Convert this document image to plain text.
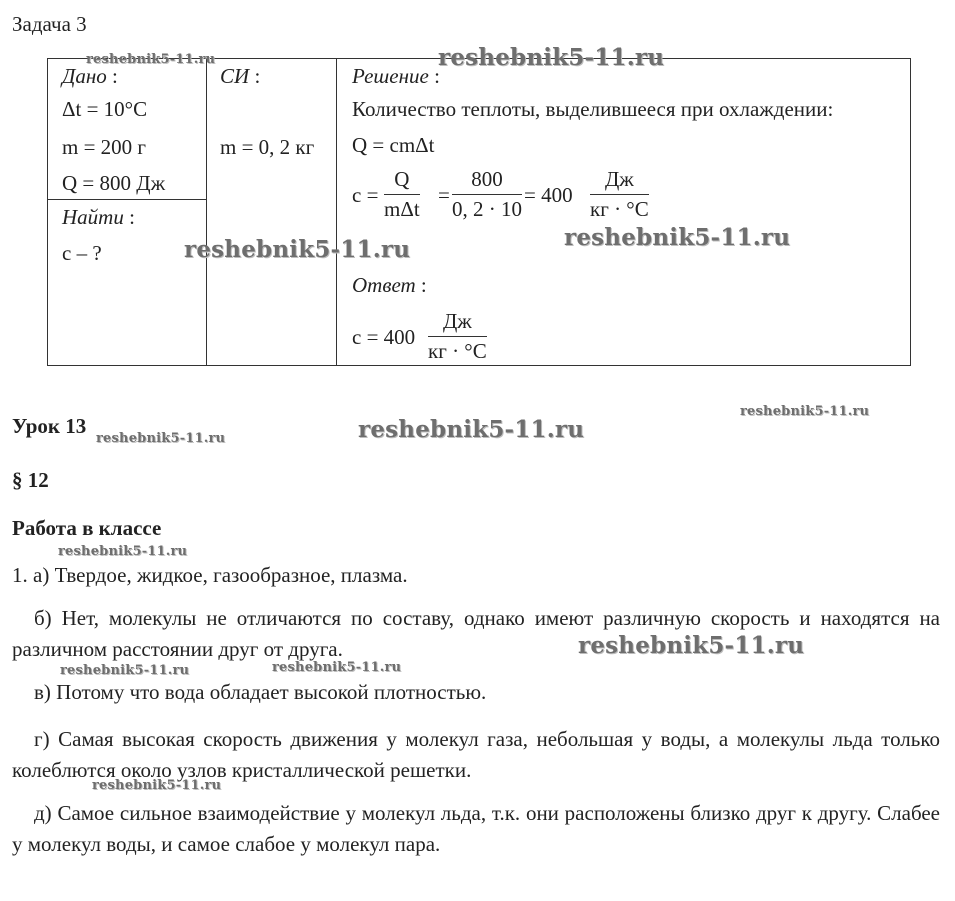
Задача 3
Дано :
Δt = 10°C
m = 200 г
Q = 800 Дж
Найти :
c – ?
СИ :
m = 0, 2 кг
Решение :
Количество теплоты, выделившееся при охлаждении:
Q = cmΔt
c =
Q
mΔt
= $\frac{800}{0, 2 \cdot 10} = 400$
Дж
кг · °C
Ответ :
c = 400
Дж
кг · °C
Урок 13
§ 12
Работа в классе
1. а) Твердое, жидкое, газообразное, плазма.
б) Нет, молекулы не отличаются по составу, однако имеют различную скорость и находятся на различном расстоянии друг от друга.
в) Потому что вода обладает высокой плотностью.
г) Самая высокая скорость движения у молекул газа, небольшая у воды, а молекулы льда только колеблются около узлов кристаллической решетки.
д) Самое сильное взаимодействие у молекул льда, т.к. они расположены близко друг к другу. Слабее у молекул воды, и самое слабое у молекул пара.
reshebnik5-11.ru	reshebnik5-11.ru
reshebnik5-11.ru	reshebnik5-11.ru
reshebnik5-11.ru
reshebnik5-11.ru	reshebnik5-11.ru
reshebnik5-11.ru
reshebnik5-11.ru
reshebnik5-11.ru	reshebnik5-11.ru
reshebnik5-11.ru
